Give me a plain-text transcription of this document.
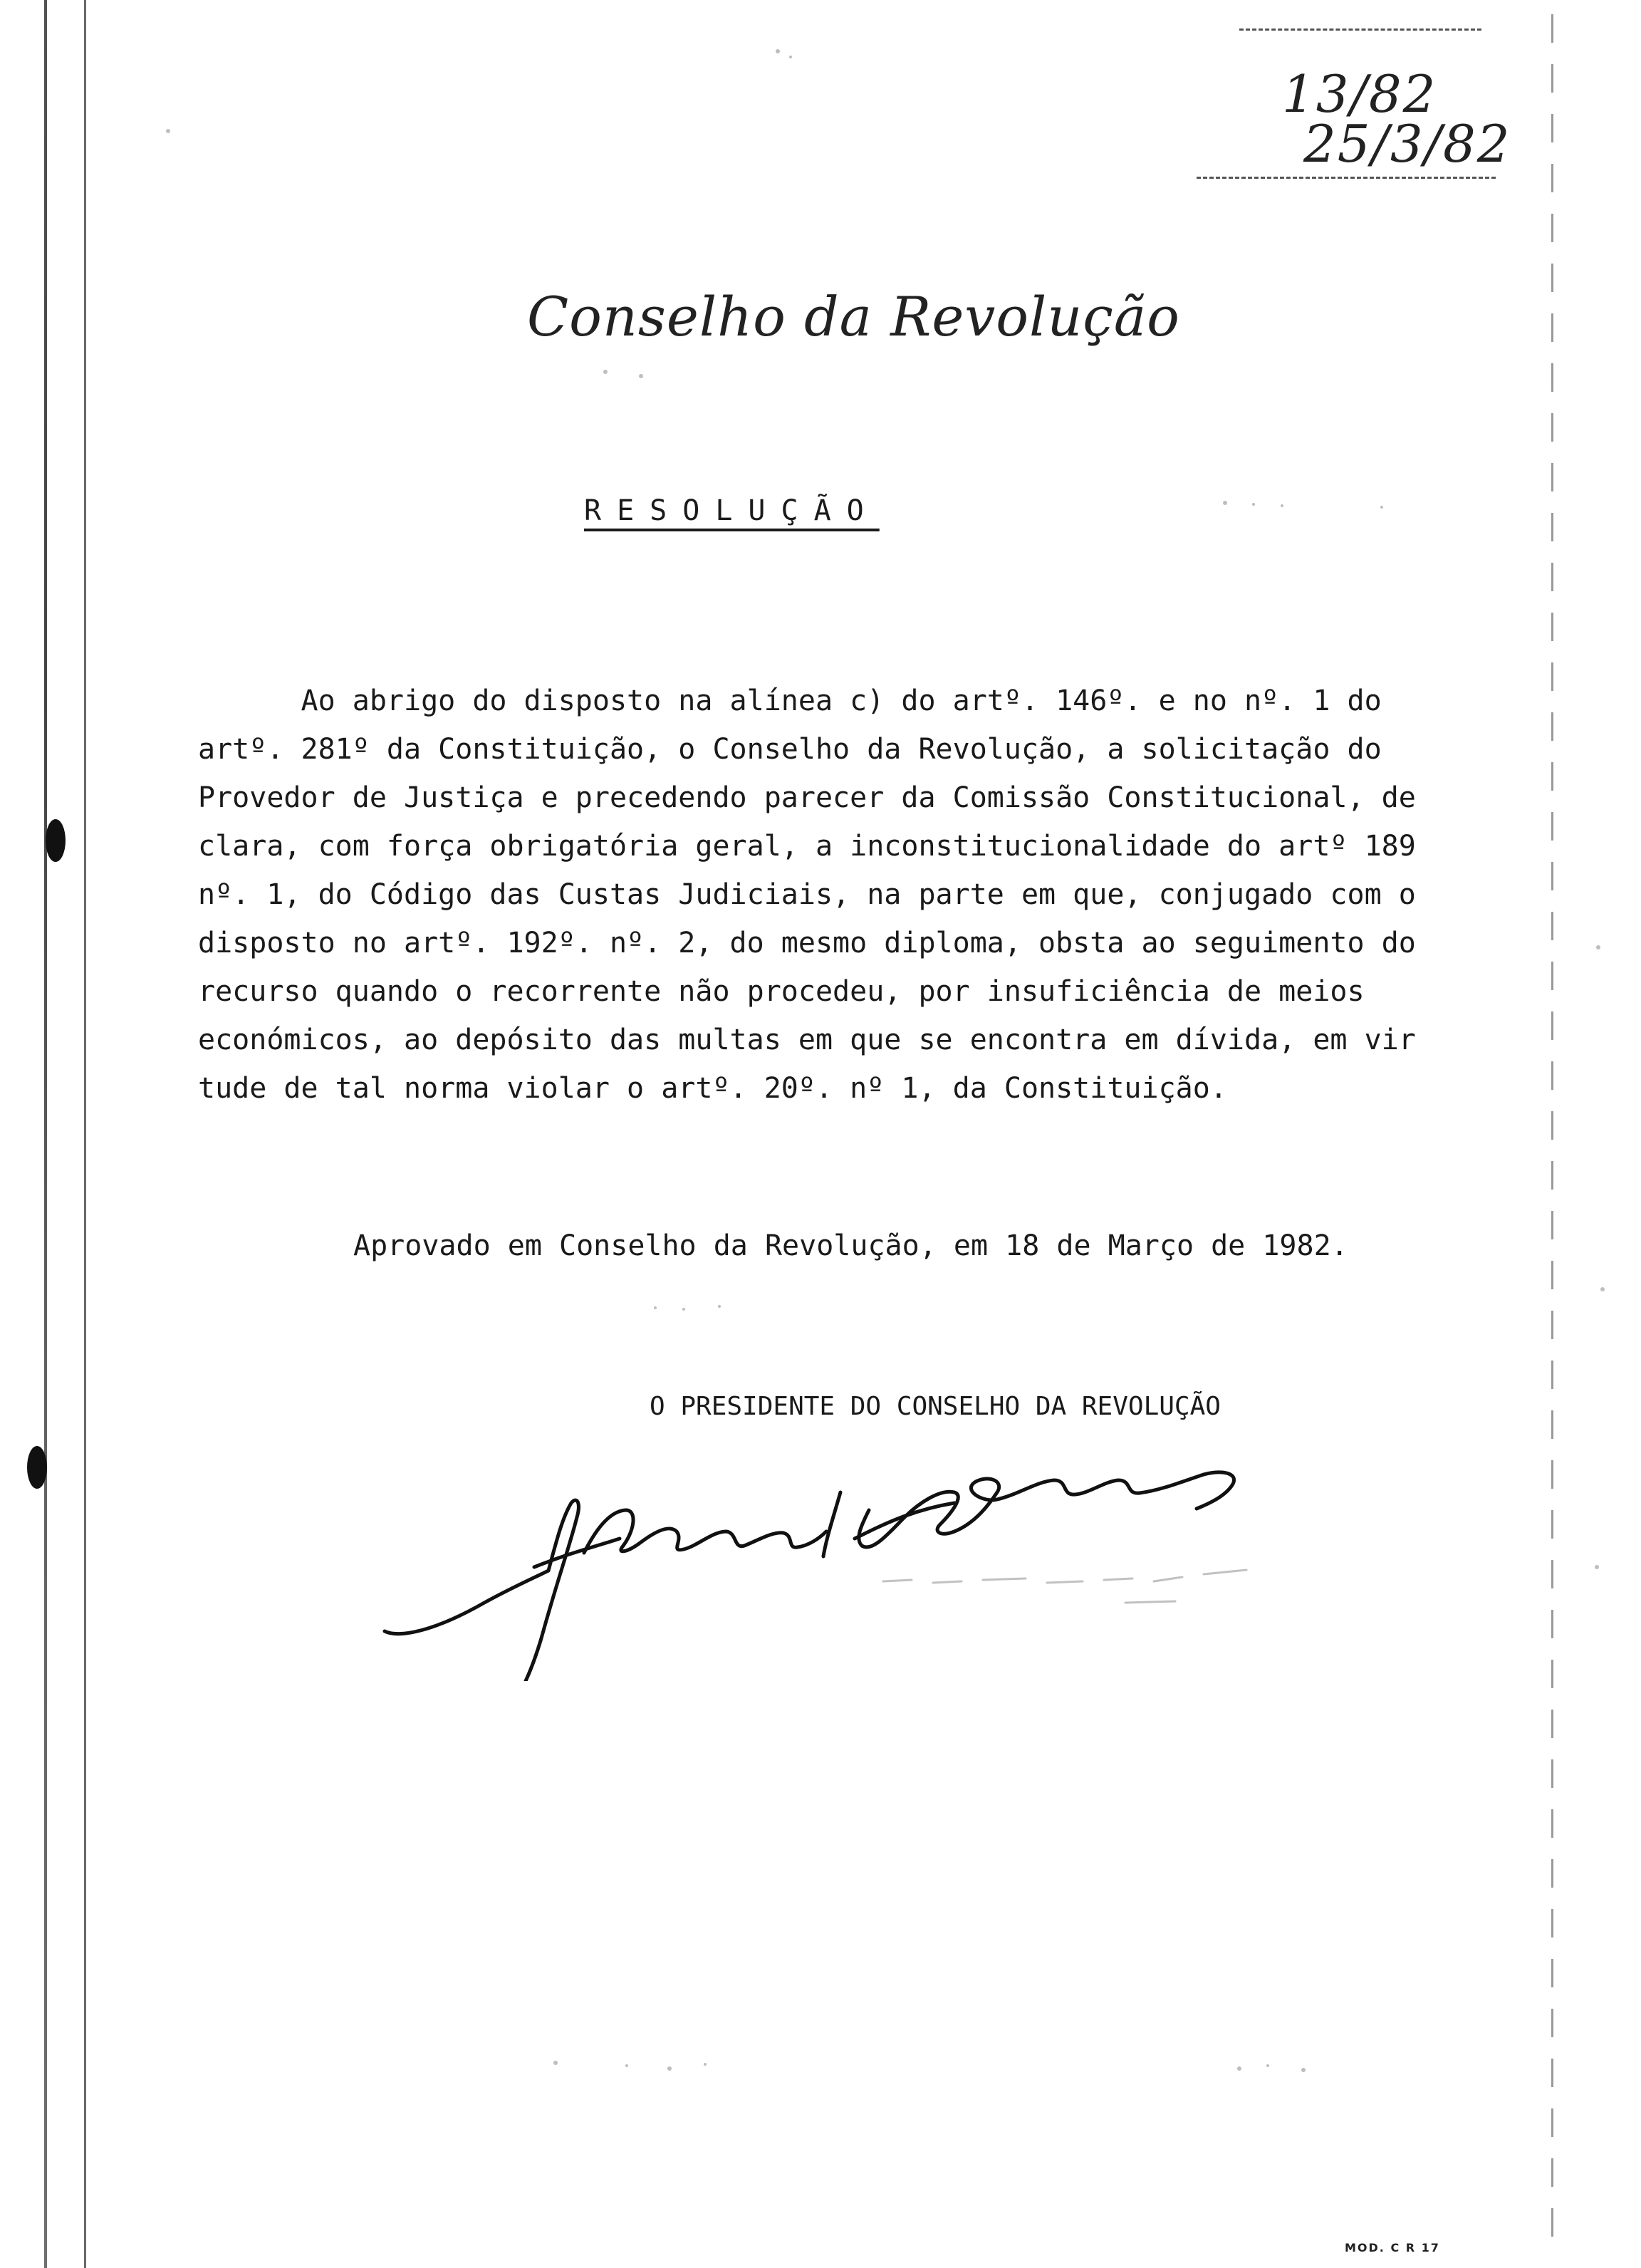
13/82
25/3/82
Conselho da Revolução
RESOLUÇÃO
Ao abrigo do disposto na alínea c) do artº. 146º. e no nº. 1 do
artº. 281º da Constituição, o Conselho da Revolução, a solicitação do
Provedor de Justiça e precedendo parecer da Comissão Constitucional, de
clara, com força obrigatória geral, a inconstitucionalidade do artº 189
nº. 1, do Código das Custas Judiciais, na parte em que, conjugado com o
disposto no artº. 192º. nº. 2, do mesmo diploma, obsta ao seguimento do
recurso quando o recorrente não procedeu, por insuficiência de meios
económicos, ao depósito das multas em que se encontra em dívida, em vir
tude de tal norma violar o artº. 20º. nº 1, da Constituição.
Aprovado em Conselho da Revolução, em 18 de Março de 1982.
O PRESIDENTE DO CONSELHO DA REVOLUÇÃO
MOD. C R 17
